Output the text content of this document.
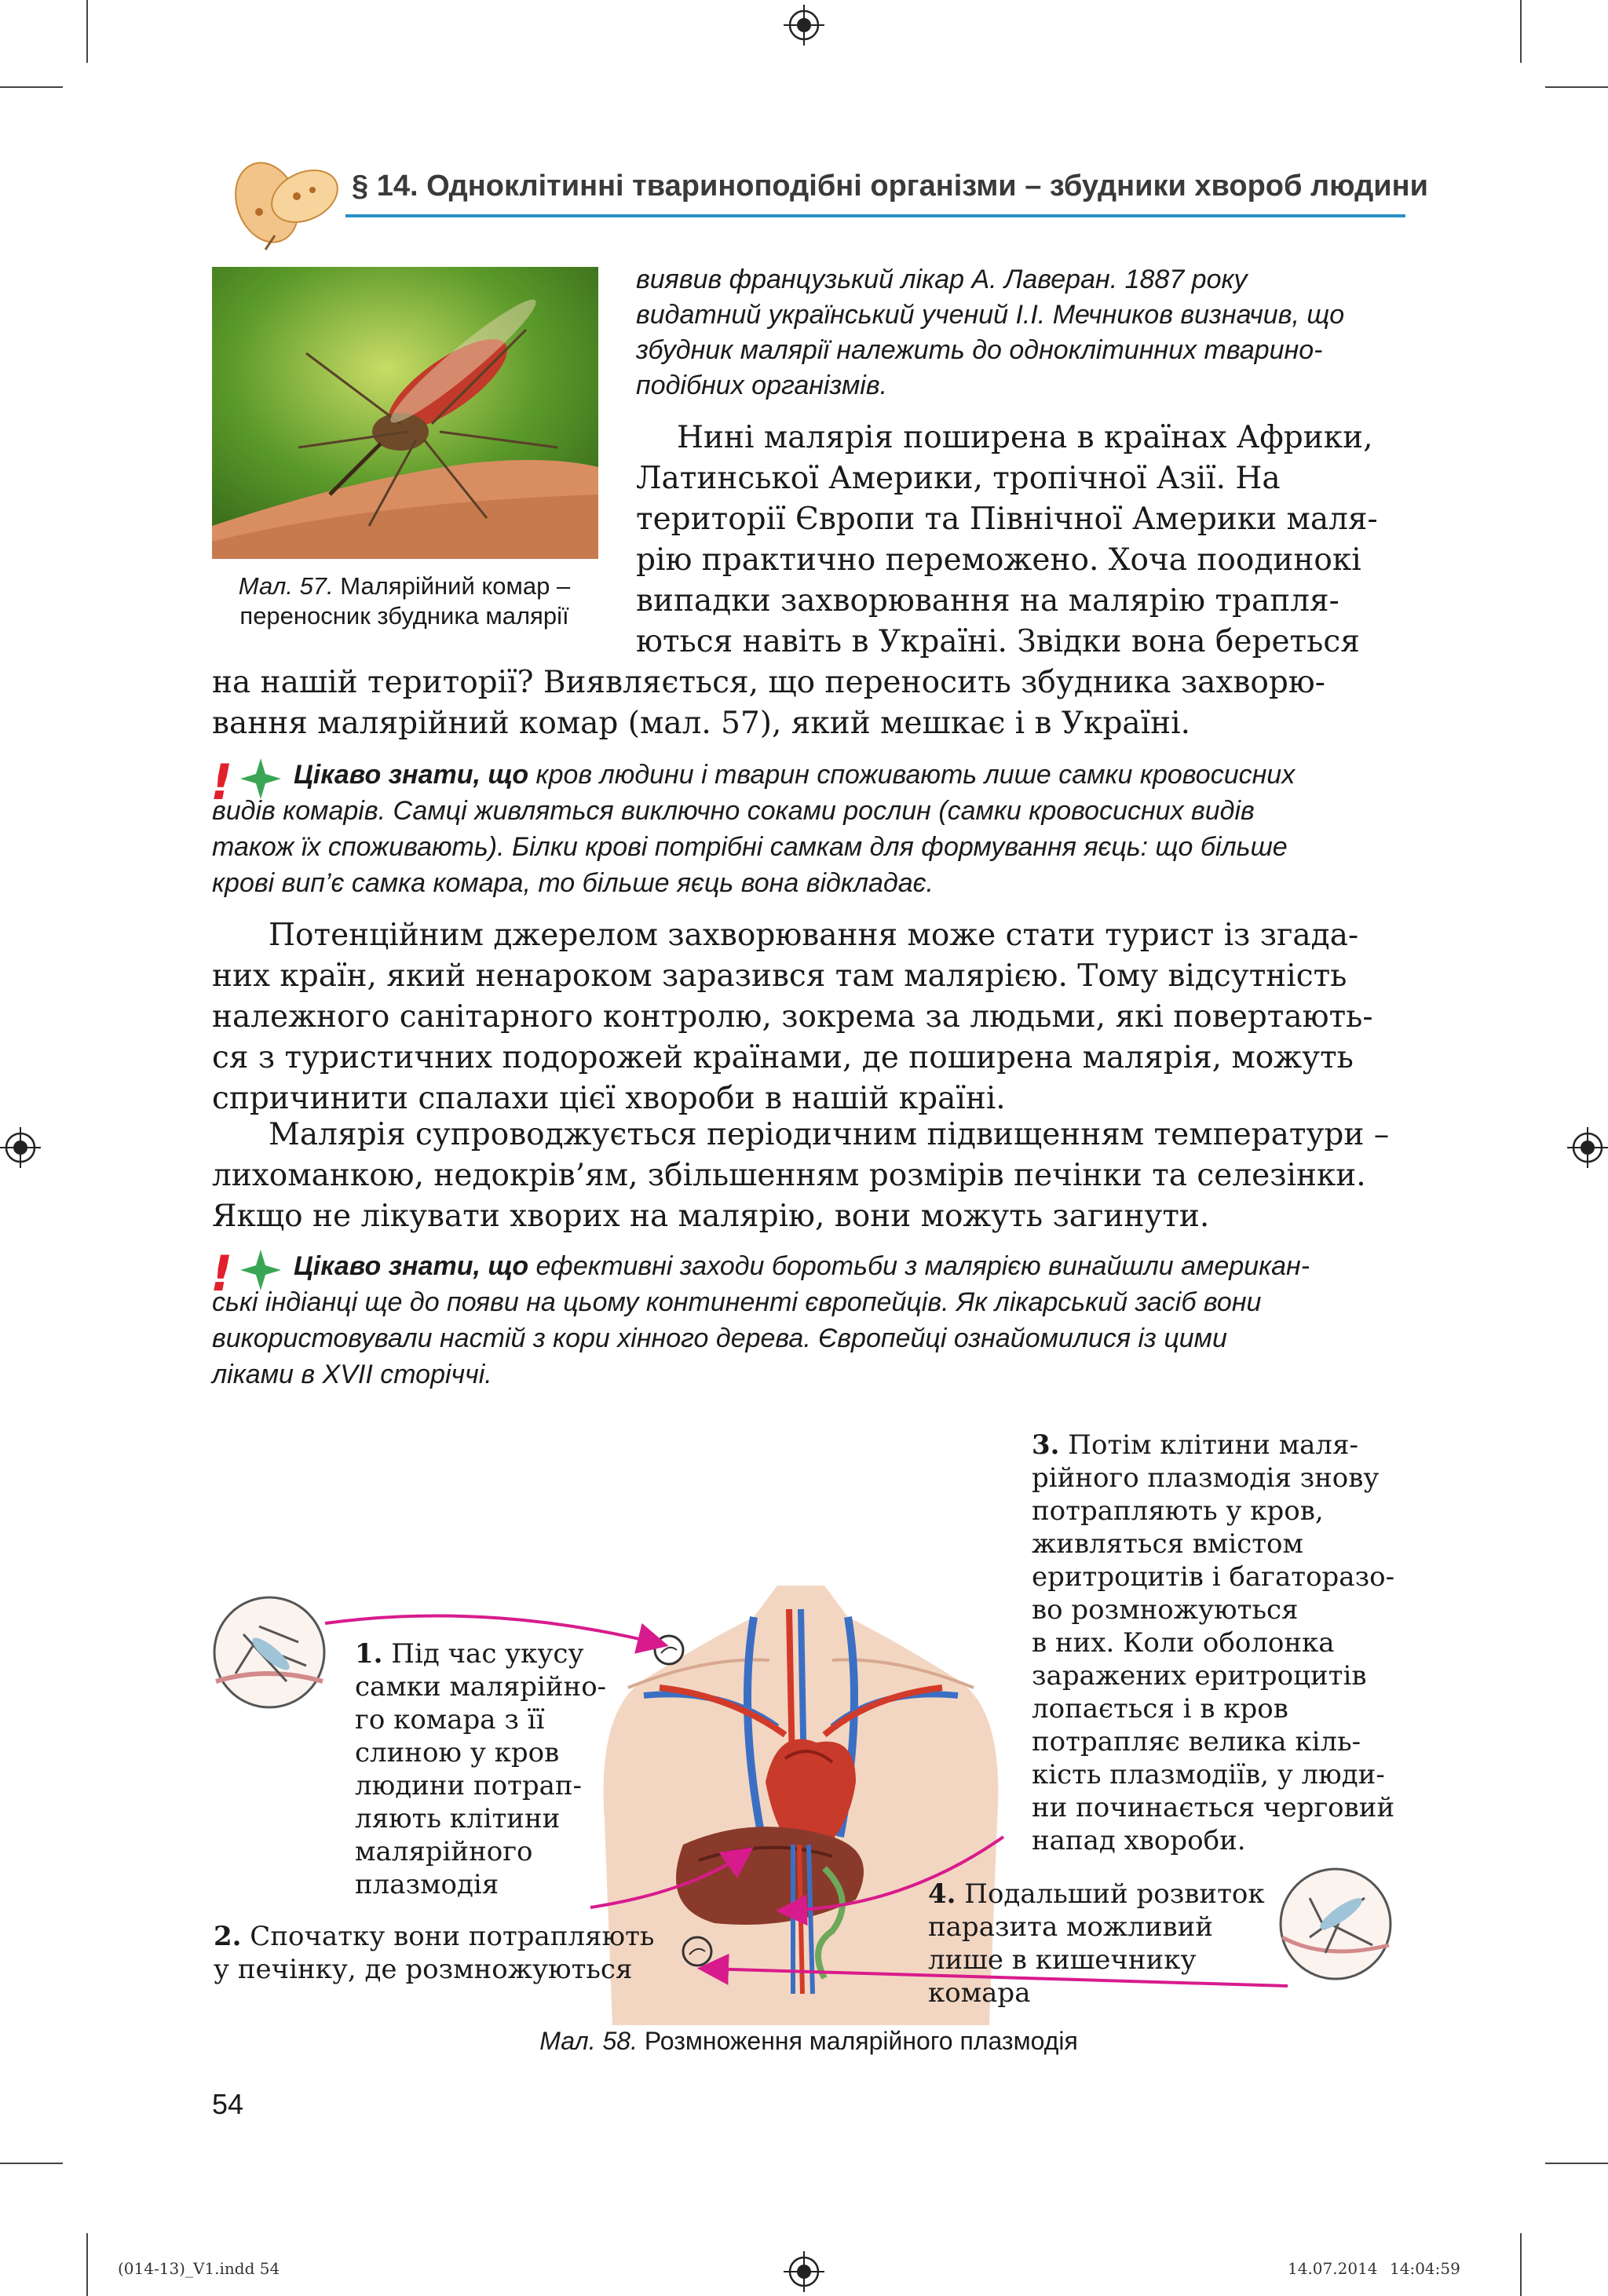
§ 14. Одноклітинні твариноподібні організми – збудники хвороб людини
Мал. 57. Малярійний комар –
переносник збудника малярії
виявив французький лікар А. Лаверан. 1887 року
видатний український учений І.І. Мечников визначив, що
збудник малярії належить до одноклітинних тварино-
подібних організмів.
Нині малярія поширена в країнах Африки,
Латинської Америки, тропічної Азії. На
території Європи та Північної Америки маля-
рію практично переможено. Хоча поодинокі
випадки захворювання на малярію трапля-
ються навіть в Україні. Звідки вона береться
на нашій території? Виявляється, що переносить збудника захворю-
вання малярійний комар (мал. 57), який мешкає і в Україні.
!	Цікаво знати, що кров людини і тварин споживають лише самки кровосисних
видів комарів. Самці живляться виключно соками рослин (самки кровосисних видів
також їх споживають). Білки крові потрібні самкам для формування яєць: що більше
крові вип’є самка комара, то більше яєць вона відкладає.
Потенційним джерелом захворювання може стати турист із згада-
них країн, який ненароком заразився там малярією. Тому відсутність
належного санітарного контролю, зокрема за людьми, які повертають-
ся з туристичних подорожей країнами, де поширена малярія, можуть
спричинити спалахи цієї хвороби в нашій країні.
Малярія супроводжується періодичним підвищенням температури –
лихоманкою, недокрів’ям, збільшенням розмірів печінки та селезінки.
Якщо не лікувати хворих на малярію, вони можуть загинути.
!	Цікаво знати, що ефективні заходи боротьби з малярією винайшли американ-
ські індіанці ще до появи на цьому континенті європейців. Як лікарський засіб вони
використовували настій з кори хінного дерева. Європейці ознайомилися із цими
ліками в XVII сторіччі.
1. Під час укусу
самки малярійно-
го комара з її
слиною у кров
людини потрап-
ляють клітини
малярійного
плазмодія
2. Спочатку вони потрапляють
у печінку, де розмножуються
3. Потім клітини маля-
рійного плазмодія знову
потрапляють у кров,
живляться вмістом
еритроцитів і багаторазо-
во розмножуються
в них. Коли оболонка
заражених еритроцитів
лопається і в кров
потрапляє велика кіль-
кість плазмодіїв, у люди-
ни починається черговий
напад хвороби.
4. Подальший розвиток
паразита можливий
лише в кишечнику
комара
Мал. 58. Розмноження малярійного плазмодія
54
(014-13)_V1.indd 54	14.07.2014 14:04:59
